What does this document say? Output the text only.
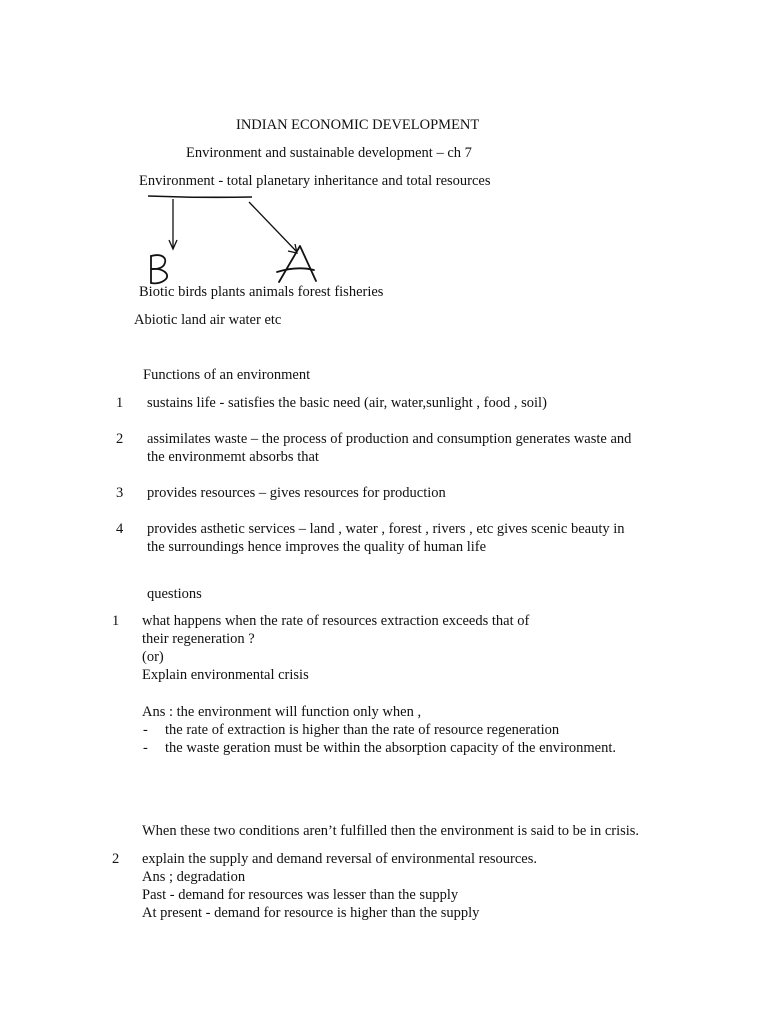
INDIAN ECONOMIC DEVELOPMENT
Environment and sustainable development – ch 7
Environment - total planetary inheritance and total resources
Biotic birds plants animals forest fisheries
Abiotic land air water etc
Functions of an environment
1 sustains life - satisfies the basic need (air, water,sunlight , food , soil)
2 assimilates waste – the process of production and consumption generates waste and
the environmemt absorbs that
3 provides resources – gives resources for production
4 provides asthetic services – land , water , forest , rivers , etc gives scenic beauty in
the surroundings hence improves the quality of human life
questions
1 what happens when the rate of resources extraction exceeds that of
their regeneration ?
(or)
Explain environmental crisis
Ans : the environment will function only when ,
- the rate of extraction is higher than the rate of resource regeneration
- the waste geration must be within the absorption capacity of the environment.
When these two conditions aren’t fulfilled then the environment is said to be in crisis.
2 explain the supply and demand reversal of environmental resources.
Ans ; degradation
Past - demand for resources was lesser than the supply
At present - demand for resource is higher than the supply
